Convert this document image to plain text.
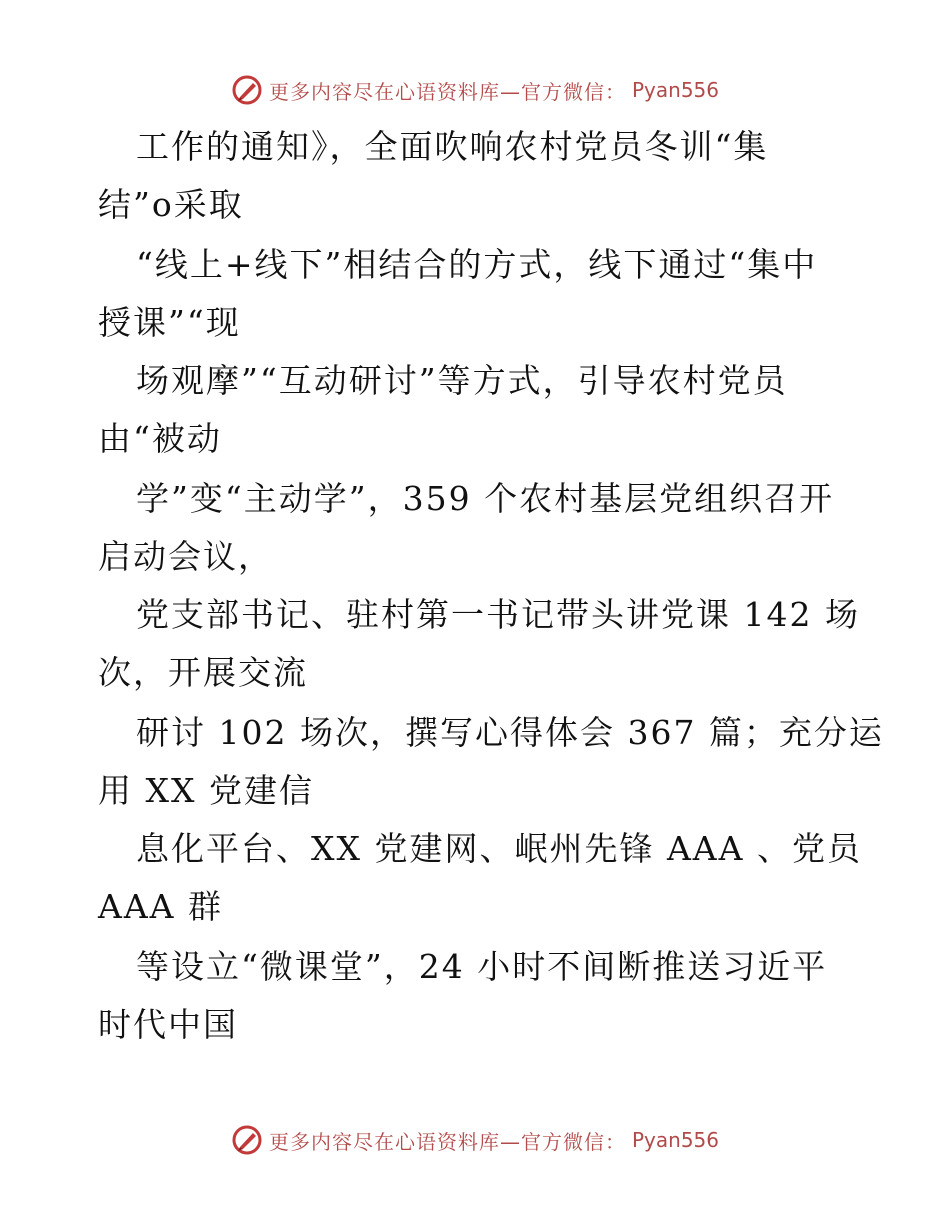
更多内容尽在心语资料库—官方微信： Pyan556
工作的通知》，全面吹响农村党员冬训“集
结”o采取
“线上+线下”相结合的方式，线下通过“集中
授课”“现
场观摩”“互动研讨”等方式，引导农村党员
由“被动
学”变“主动学”，359 个农村基层党组织召开
启动会议，
党支部书记、驻村第一书记带头讲党课 142 场
次，开展交流
研讨 102 场次，撰写心得体会 367 篇；充分运
用 XX 党建信
息化平台、XX 党建网、岷州先锋 AAA 、党员
AAA 群
等设立“微课堂”，24 小时不间断推送习近平
时代中国
更多内容尽在心语资料库—官方微信： Pyan556
